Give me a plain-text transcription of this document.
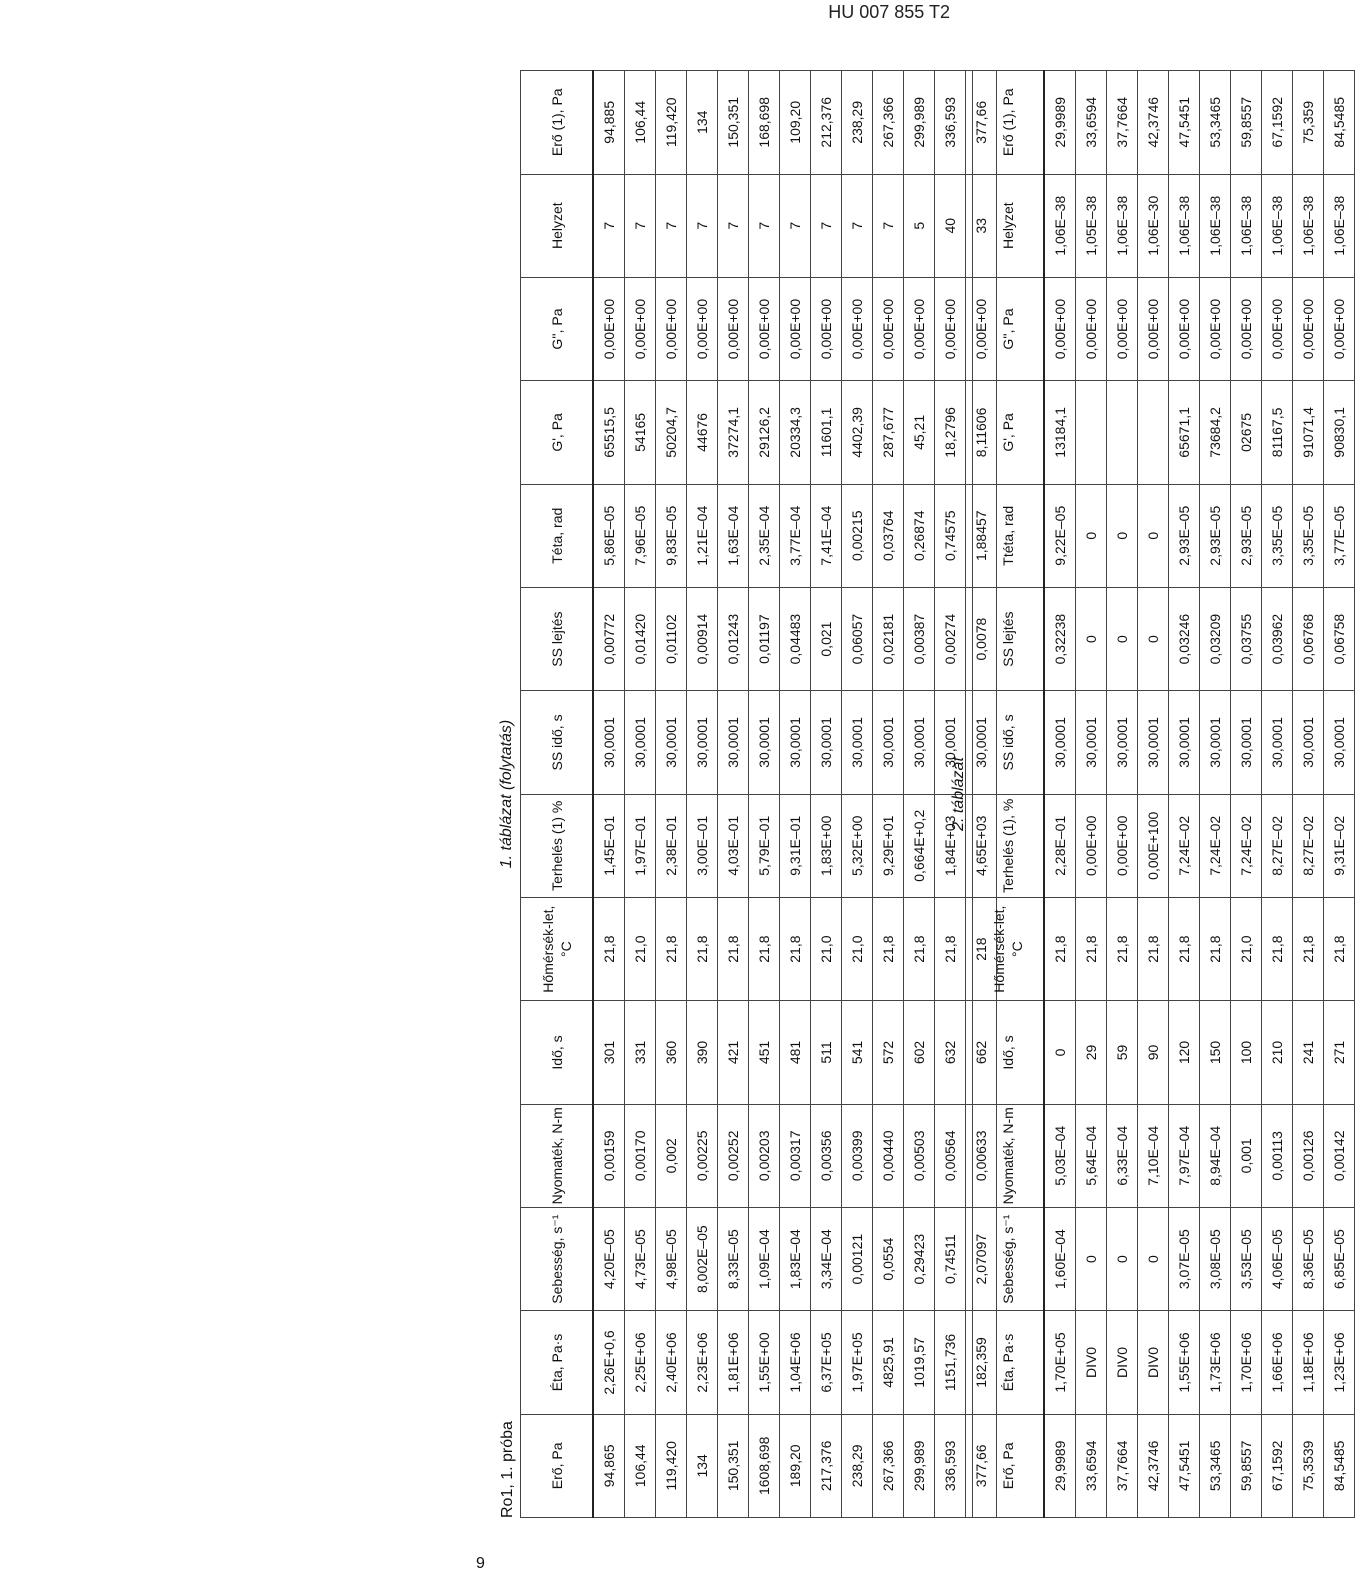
HU 007 855 T2
1. táblázat (folytatás)
Erő, Pa	Éta, Pa·s	Sebesség, s⁻¹	Nyomaték, N-m	Idő, s	Hőmérsék-let, °C	Terhelés (1) %	SS idő, s	SS lejtés	Téta, rad	G', Pa	G'', Pa	Helyzet	Erő (1), Pa
94,865	2,26E+0,6	4,20E–05	0,00159	301	21,8	1,45E–01	30,0001	0,00772	5,86E–05	65515,5	0,00E+00	7	94,885
106,44	2,25E+06	4,73E–05	0,00170	331	21,0	1,97E–01	30,0001	0,01420	7,96E–05	54165	0,00E+00	7	106,44
119,420	2,40E+06	4,98E–05	0,002	360	21,8	2,38E–01	30,0001	0,01102	9,83E–05	50204,7	0,00E+00	7	119,420
134	2,23E+06	8,002E–05	0,00225	390	21,8	3,00E–01	30,0001	0,00914	1,21E–04	44676	0,00E+00	7	134
150,351	1,81E+06	8,33E–05	0,00252	421	21,8	4,03E–01	30,0001	0,01243	1,63E–04	37274,1	0,00E+00	7	150,351
1608,698	1,55E+00	1,09E–04	0,00203	451	21,8	5,79E–01	30,0001	0,01197	2,35E–04	29126,2	0,00E+00	7	168,698
189,20	1,04E+06	1,83E–04	0,00317	481	21,8	9,31E–01	30,0001	0,04483	3,77E–04	20334,3	0,00E+00	7	109,20
217,376	6,37E+05	3,34E–04	0,00356	511	21,0	1,83E+00	30,0001	0,021	7,41E–04	11601,1	0,00E+00	7	212,376
238,29	1,97E+05	0,00121	0,00399	541	21,0	5,32E+00	30,0001	0,06057	0,00215	4402,39	0,00E+00	7	238,29
267,366	4825,91	0,0554	0,00440	572	21,8	9,29E+01	30,0001	0,02181	0,03764	287,677	0,00E+00	7	267,366
299,989	1019,57	0,29423	0,00503	602	21,8	0,664E+0,2	30,0001	0,00387	0,26874	45,21	0,00E+00	5	299,989
336,593	1151,736	0,74511	0,00564	632	21,8	1,84E+03	30,0001	0,00274	0,74575	18,2796	0,00E+00	40	336,593
377,66	182,359	2,07097	0,00633	662	218	4,65E+03	30,0001	0,0078	1,88457	8,11606	0,00E+00	33	377,66
Ro1, 1. próba
2. táblázat
Erő, Pa	Éta, Pa·s	Sebesség, s⁻¹	Nyomaték, N-m	Idő, s	Hőmérsék-let, °C	Terhelés (1), %	SS idő, s	SS lejtés	Ttéta, rad	G', Pa	G'', Pa	Helyzet	Erő (1), Pa
29,9989	1,70E+05	1,60E–04	5,03E–04	0	21,8	2,28E–01	30,0001	0,32238	9,22E–05	13184,1	0,00E+00	1,06E–38	29,9989
33,6594	DIV0	0	5,64E–04	29	21,8	0,00E+00	30,0001	0	0		0,00E+00	1,05E–38	33,6594
37,7664	DIV0	0	6,33E–04	59	21,8	0,00E+00	30,0001	0	0		0,00E+00	1,06E–38	37,7664
42,3746	DIV0	0	7,10E–04	90	21,8	0,00E+100	30,0001	0	0		0,00E+00	1,06E–30	42,3746
47,5451	1,55E+06	3,07E–05	7,97E–04	120	21,8	7,24E–02	30,0001	0,03246	2,93E–05	65671,1	0,00E+00	1,06E–38	47,5451
53,3465	1,73E+06	3,08E–05	8,94E–04	150	21,8	7,24E–02	30,0001	0,03209	2,93E–05	73684,2	0,00E+00	1,06E–38	53,3465
59,8557	1,70E+06	3,53E–05	0,001	100	21,0	7,24E–02	30,0001	0,03755	2,93E–05	02675	0,00E+00	1,06E–38	59,8557
67,1592	1,66E+06	4,06E–05	0,00113	210	21,8	8,27E–02	30,0001	0,03962	3,35E–05	81167,5	0,00E+00	1,06E–38	67,1592
75,3539	1,18E+06	8,36E–05	0,00126	241	21,8	8,27E–02	30,0001	0,06768	3,35E–05	91071,4	0,00E+00	1,06E–38	75,359
84,5485	1,23E+06	6,85E–05	0,00142	271	21,8	9,31E–02	30,0001	0,06758	3,77E–05	90830,1	0,00E+00	1,06E–38	84,5485
9
